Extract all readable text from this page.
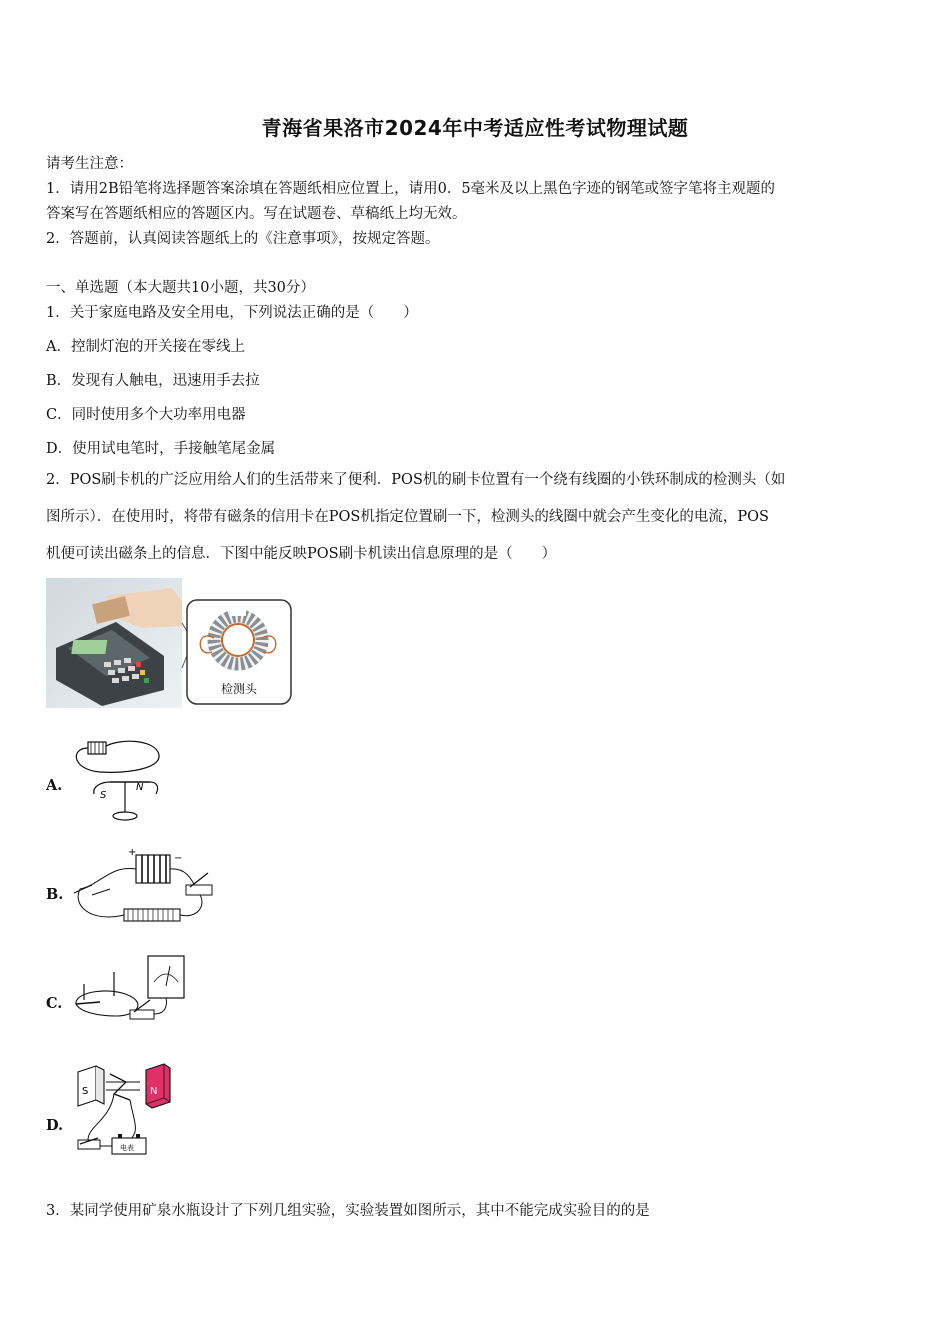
青海省果洛市2024年中考适应性考试物理试题
请考生注意：
1．请用2B铅笔将选择题答案涂填在答题纸相应位置上，请用0．5毫米及以上黑色字迹的钢笔或签字笔将主观题的
答案写在答题纸相应的答题区内。写在试题卷、草稿纸上均无效。
2．答题前，认真阅读答题纸上的《注意事项》，按规定答题。
一、单选题（本大题共10小题，共30分）
1．关于家庭电路及安全用电，下列说法正确的是（　　）
A．控制灯泡的开关接在零线上
B．发现有人触电，迅速用手去拉
C．同时使用多个大功率用电器
D．使用试电笔时，手接触笔尾金属
2．POS刷卡机的广泛应用给人们的生活带来了便利．POS机的刷卡位置有一个绕有线圈的小铁环制成的检测头（如
图所示）．在使用时，将带有磁条的信用卡在POS机指定位置刷一下，检测头的线圈中就会产生变化的电流，POS
机便可读出磁条上的信息．下图中能反映POS刷卡机读出信息原理的是（　　）
检测头
A.
S
N
B.
+
−
C.
D.
S	N
电表
3．某同学使用矿泉水瓶设计了下列几组实验，实验装置如图所示，其中不能完成实验目的的是
